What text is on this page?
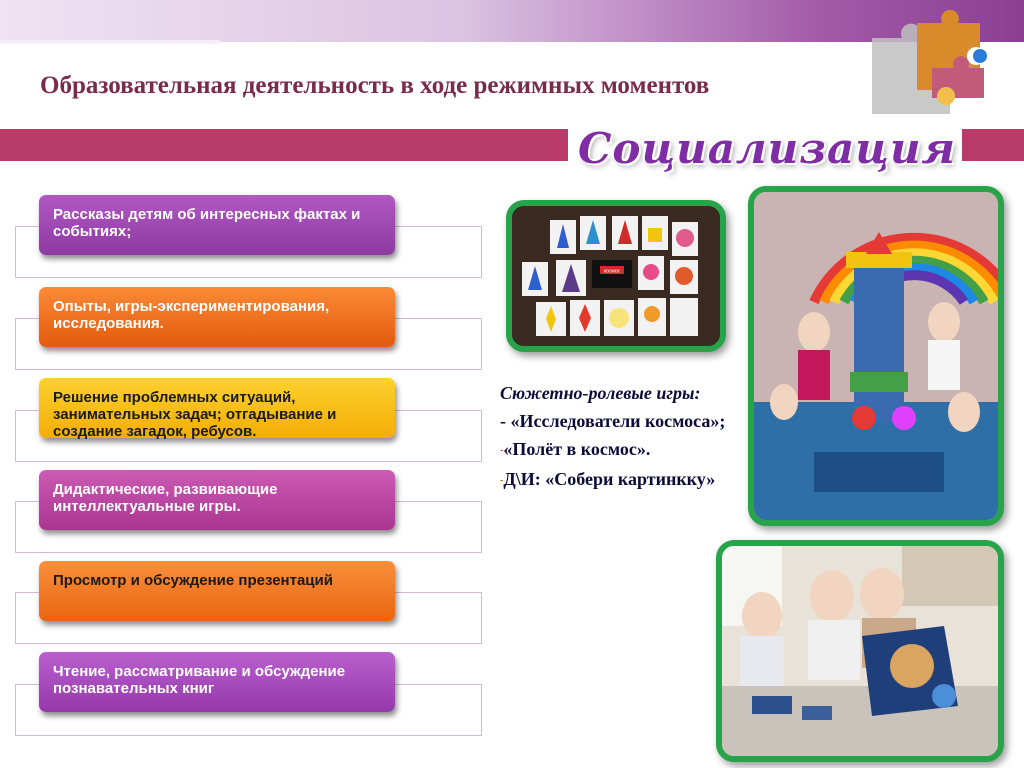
Образовательная деятельность в ходе режимных моментов
Социализация
Рассказы детям об интересных фактах и событиях;
Опыты, игры-экспериментирования, исследования.
Решение проблемных ситуаций, занимательных задач; отгадывание и создание загадок, ребусов.
Дидактические, развивающие интеллектуальные игры.
Просмотр и обсуждение презентаций
Чтение, рассматривание и обсуждение познавательных книг
космос
Сюжетно-ролевые игры:
- «Исследователи космоса»;
-«Полёт в космос».
-Д\И: «Собери картинкку»
